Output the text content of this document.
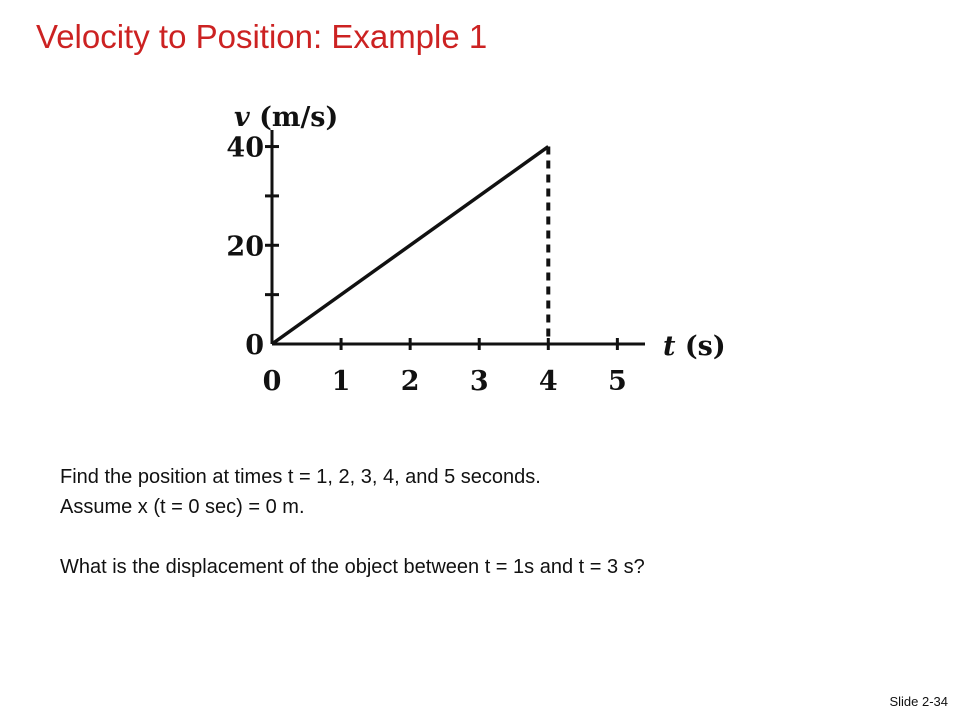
Velocity to Position: Example 1
0 1 2 3 4 5
0
20
40
v (m/s)
t (s)

Find the position at times t = 1, 2, 3, 4, and 5 seconds.

Assume x (t = 0 sec) = 0 m.

What is the displacement of the object between t = 1s and t = 3 s?

Slide 2-34
